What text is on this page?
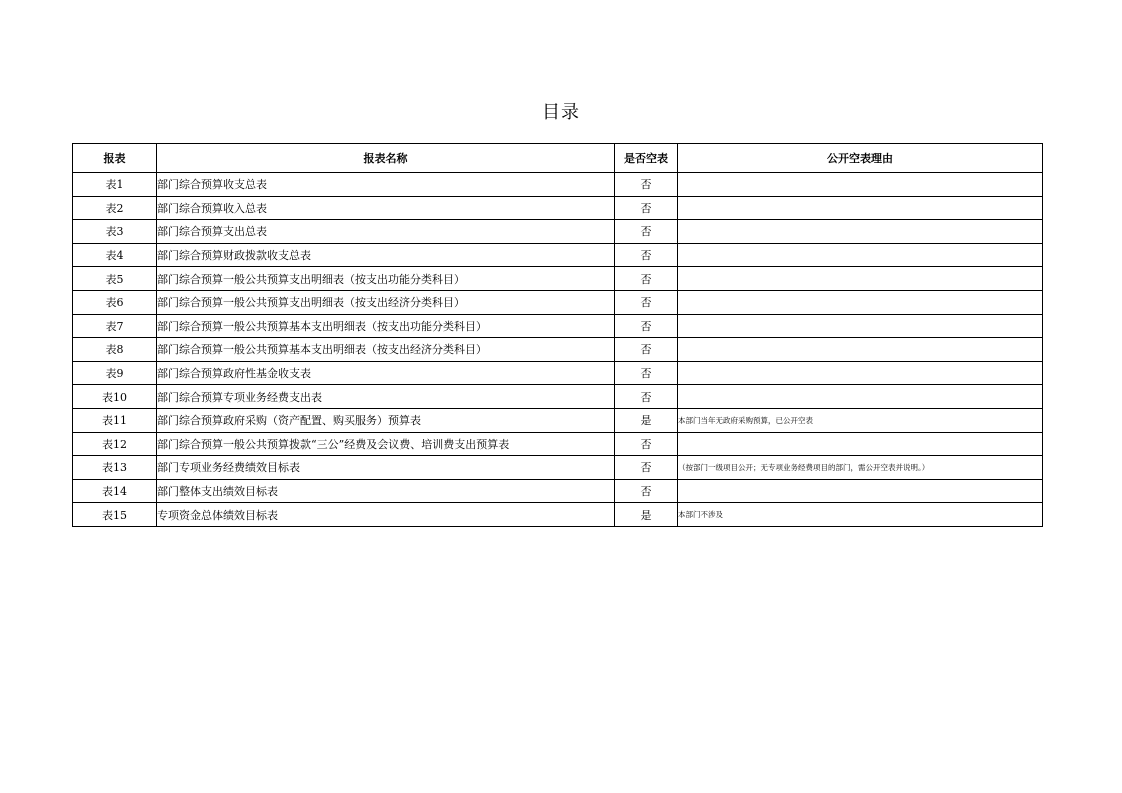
目录
报表	报表名称	是否空表	公开空表理由
表1	部门综合预算收支总表	否	
表2	部门综合预算收入总表	否	
表3	部门综合预算支出总表	否	
表4	部门综合预算财政拨款收支总表	否	
表5	部门综合预算一般公共预算支出明细表（按支出功能分类科目）	否	
表6	部门综合预算一般公共预算支出明细表（按支出经济分类科目）	否	
表7	部门综合预算一般公共预算基本支出明细表（按支出功能分类科目）	否	
表8	部门综合预算一般公共预算基本支出明细表（按支出经济分类科目）	否	
表9	部门综合预算政府性基金收支表	否	
表10	部门综合预算专项业务经费支出表	否	
表11	部门综合预算政府采购（资产配置、购买服务）预算表	是	本部门当年无政府采购预算，已公开空表
表12	部门综合预算一般公共预算拨款“三公”经费及会议费、培训费支出预算表	否	
表13	部门专项业务经费绩效目标表	否	（按部门一级项目公开；无专项业务经费项目的部门，需公开空表并说明。）
表14	部门整体支出绩效目标表	否	
表15	专项资金总体绩效目标表	是	本部门不涉及
